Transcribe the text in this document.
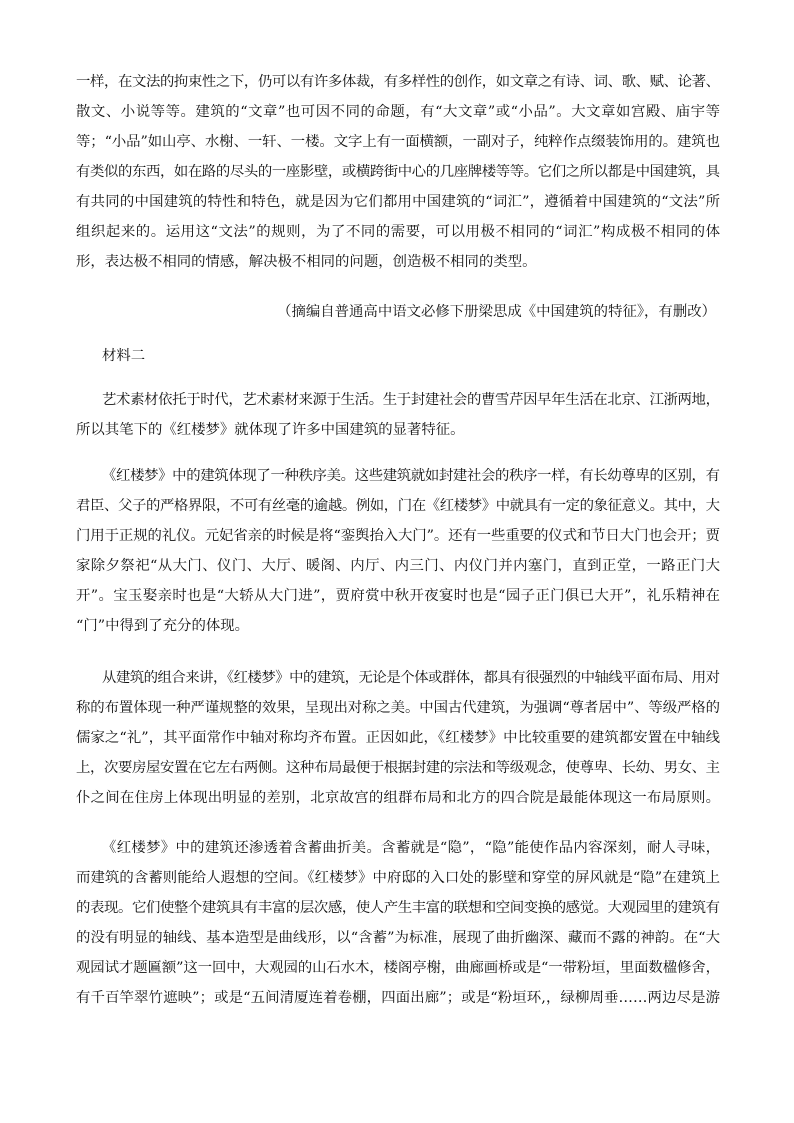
一样，在文法的拘束性之下，仍可以有许多体裁，有多样性的创作，如文章之有诗、词、歌、赋、论著、
散文、小说等等。建筑的“文章”也可因不同的命题，有“大文章”或“小品”。大文章如宫殿、庙宇等
等；“小品”如山亭、水榭、一轩、一楼。文字上有一面横额，一副对子，纯粹作点缀装饰用的。建筑也
有类似的东西，如在路的尽头的一座影壁，或横跨街中心的几座牌楼等等。它们之所以都是中国建筑，具
有共同的中国建筑的特性和特色，就是因为它们都用中国建筑的“词汇”，遵循着中国建筑的“文法”所
组织起来的。运用这“文法”的规则，为了不同的需要，可以用极不相同的“词汇”构成极不相同的体
形，表达极不相同的情感，解决极不相同的问题，创造极不相同的类型。
（摘编自普通高中语文必修下册梁思成《中国建筑的特征》，有删改）
材料二
艺术素材依托于时代，艺术素材来源于生活。生于封建社会的曹雪芹因早年生活在北京、江浙两地，
所以其笔下的《红楼梦》就体现了许多中国建筑的显著特征。
《红楼梦》中的建筑体现了一种秩序美。这些建筑就如封建社会的秩序一样，有长幼尊卑的区别，有
君臣、父子的严格界限，不可有丝毫的逾越。例如，门在《红楼梦》中就具有一定的象征意义。其中，大
门用于正规的礼仪。元妃省亲的时候是将“銮舆抬入大门”。还有一些重要的仪式和节日大门也会开；贾
家除夕祭祀“从大门、仪门、大厅、暖阁、内厅、内三门、内仪门并内塞门，直到正堂，一路正门大
开”。宝玉娶亲时也是“大轿从大门进”，贾府赏中秋开夜宴时也是“园子正门俱已大开”，礼乐精神在
“门”中得到了充分的体现。
从建筑的组合来讲，《红楼梦》中的建筑，无论是个体或群体，都具有很强烈的中轴线平面布局、用对
称的布置体现一种严谨规整的效果，呈现出对称之美。中国古代建筑，为强调“尊者居中”、等级严格的
儒家之“礼”，其平面常作中轴对称均齐布置。正因如此，《红楼梦》中比较重要的建筑都安置在中轴线
上，次要房屋安置在它左右两侧。这种布局最便于根据封建的宗法和等级观念，使尊卑、长幼、男女、主
仆之间在住房上体现出明显的差别，北京故宫的组群布局和北方的四合院是最能体现这一布局原则。
《红楼梦》中的建筑还渗透着含蓄曲折美。含蓄就是“隐”，“隐”能使作品内容深刻，耐人寻味，
而建筑的含蓄则能给人遐想的空间。《红楼梦》中府邸的入口处的影壁和穿堂的屏风就是“隐”在建筑上
的表现。它们使整个建筑具有丰富的层次感，使人产生丰富的联想和空间变换的感觉。大观园里的建筑有
的没有明显的轴线、基本造型是曲线形，以“含蓄”为标准，展现了曲折幽深、藏而不露的神韵。在“大
观园试才题匾额”这一回中，大观园的山石水木，楼阁亭榭，曲廊画桥或是“一带粉垣，里面数楹修舍，
有千百竿翠竹遮映”；或是“五间清厦连着卷棚，四面出廊”；或是“粉垣环,，绿柳周垂……两边尽是游
